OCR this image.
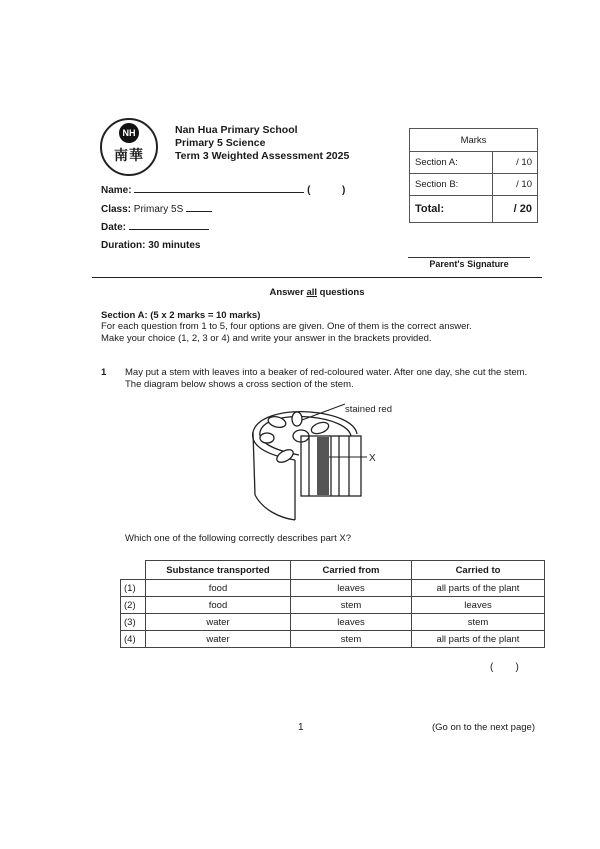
NH
南華
Nan Hua Primary School
Primary 5 Science
Term 3 Weighted Assessment 2025
Name:	(	)
Class: Primary 5S
Date:
Duration: 30 minutes
Marks	
Section A:	/ 10
Section B:	/ 10
Total:	/ 20
Parent's Signature
Answer all questions
Section A: (5 x 2 marks = 10 marks)
For each question from 1 to 5, four options are given. One of them is the correct answer.
Make your choice (1, 2, 3 or 4) and write your answer in the brackets provided.
1 May put a stem with leaves into a beaker of red-coloured water. After one day, she cut the stem. The diagram below shows a cross section of the stem.
stained red
X
Which one of the following correctly describes part X?
	Substance transported	Carried from	Carried to
(1)	food	leaves	all parts of the plant
(2)	food	stem	leaves
(3)	water	leaves	stem
(4)	water	stem	all parts of the plant
(        )
1	(Go on to the next page)
